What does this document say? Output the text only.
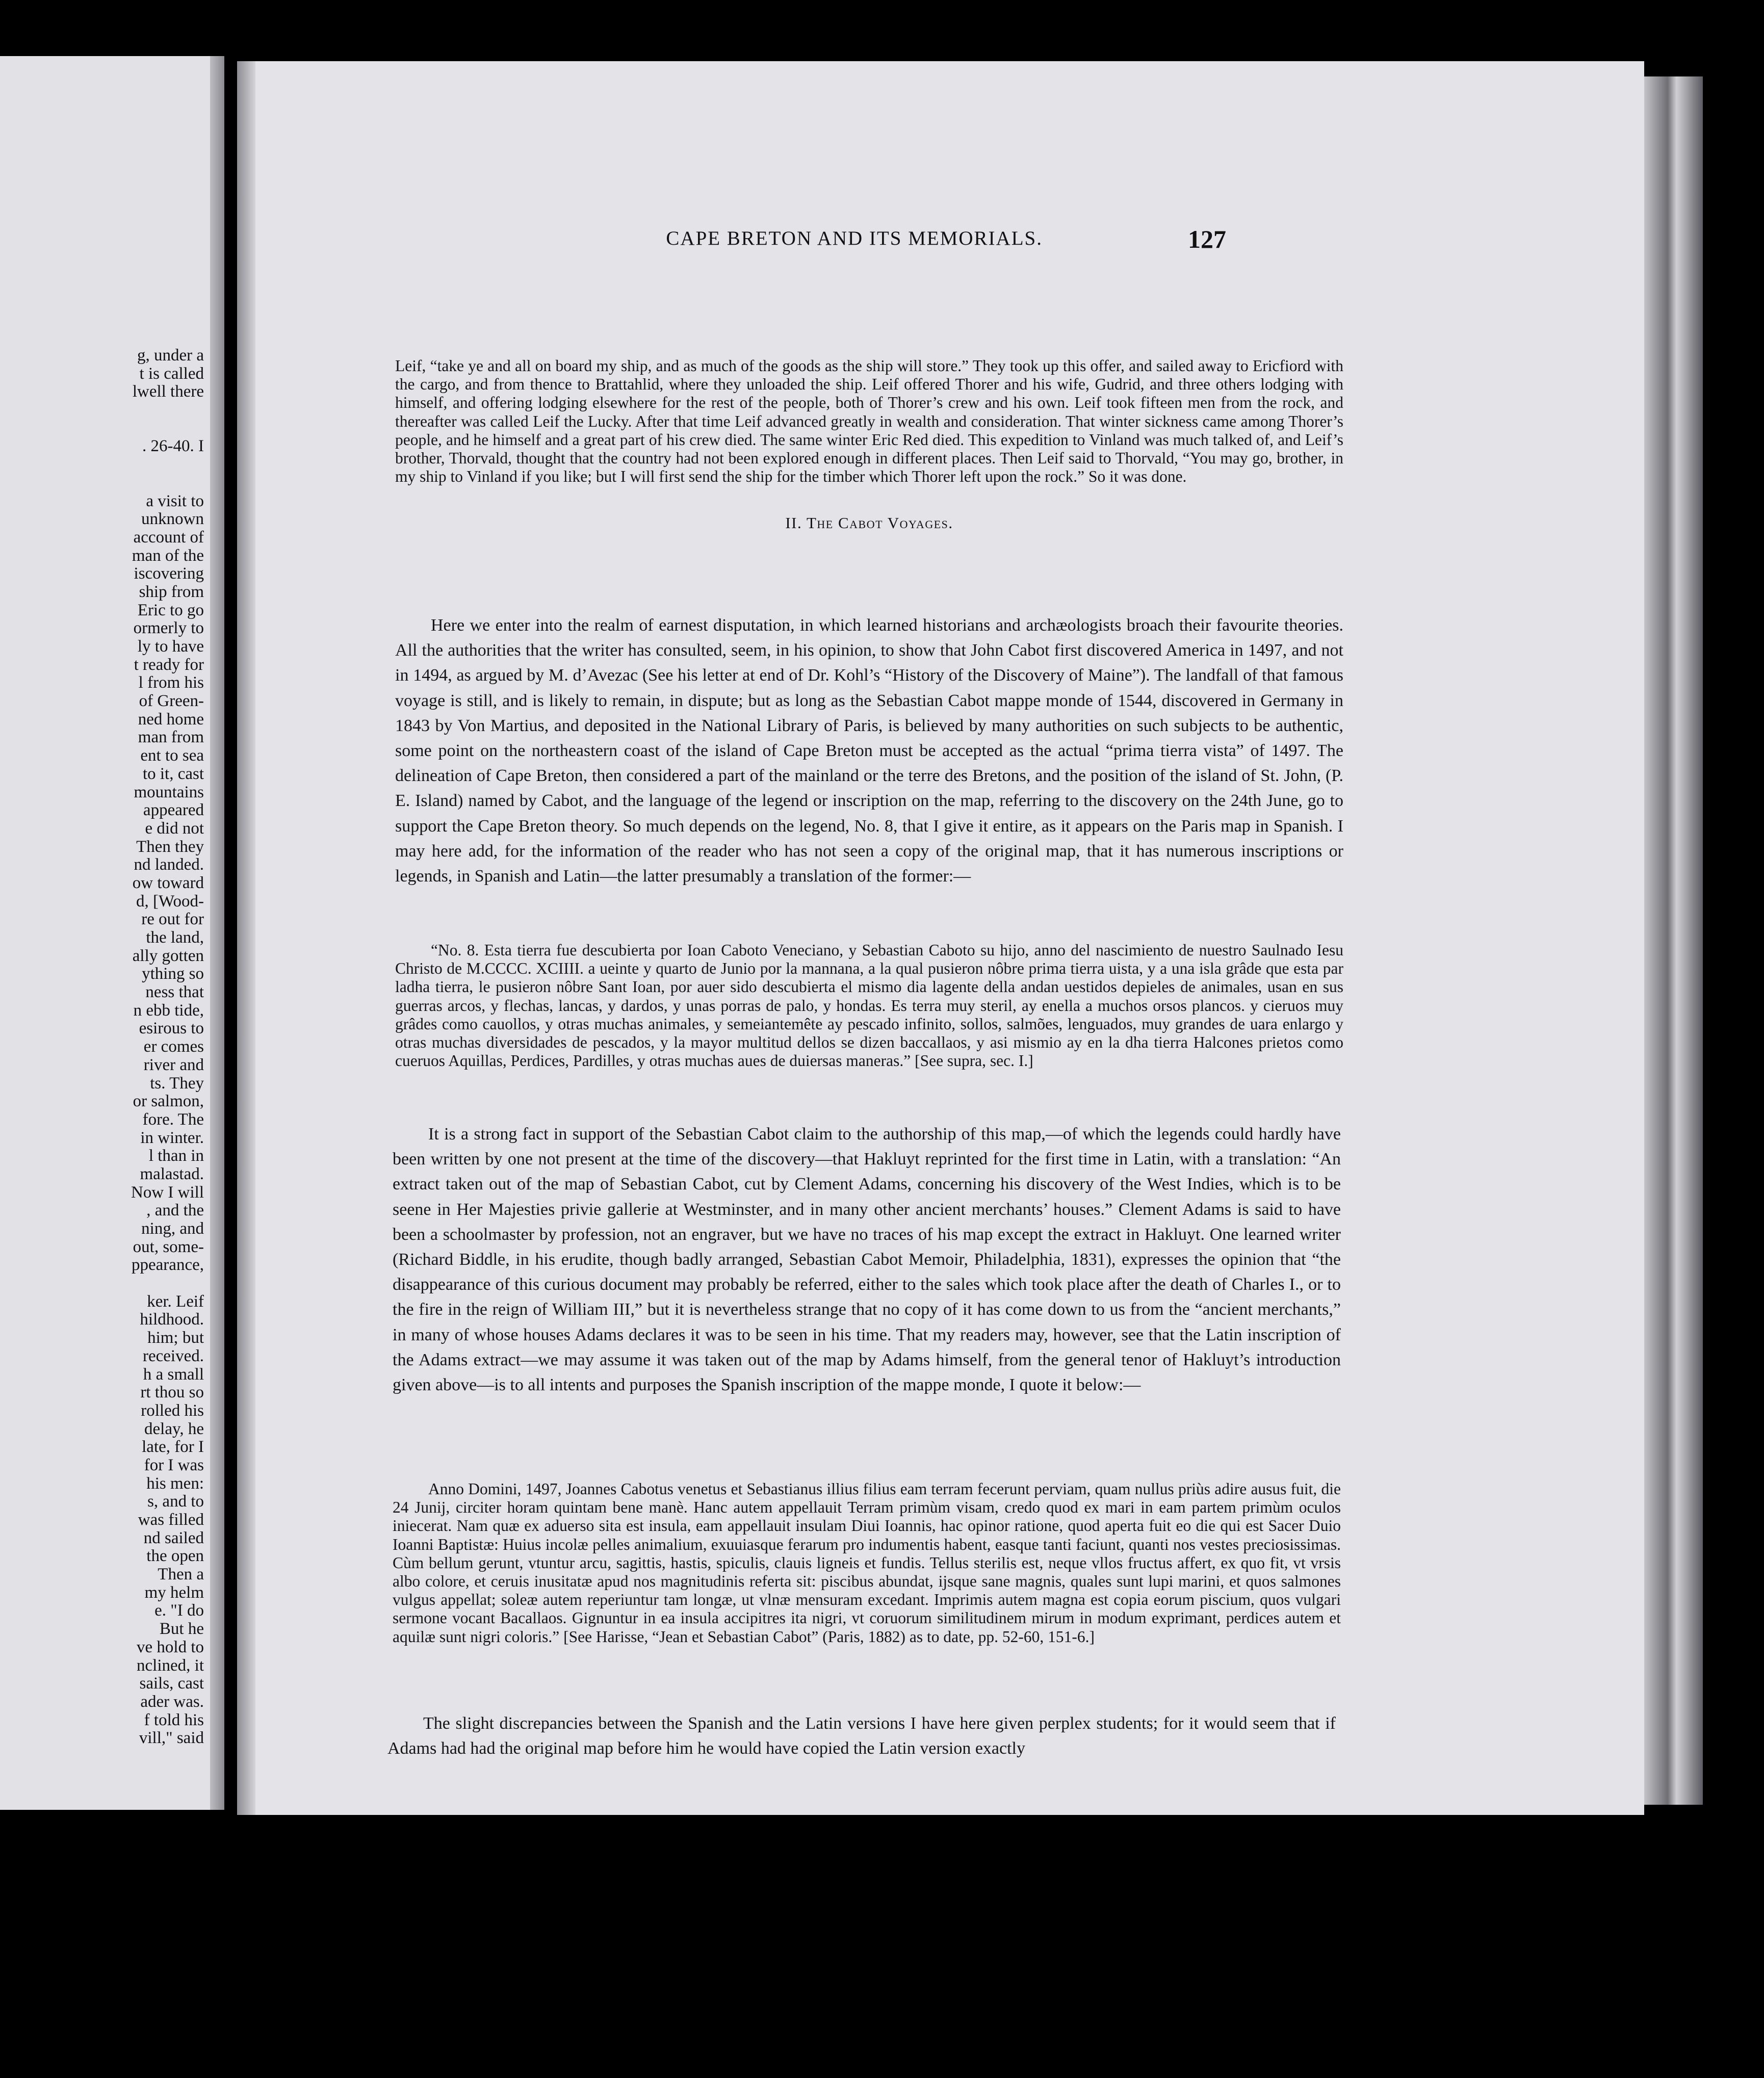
g, under a
t is called
lwell there
. 26-40. I
a visit to
unknown
account of
man of the
iscovering
ship from
Eric to go
ormerly to
ly to have
t ready for
l from his
of Green-
ned home
man from
ent to sea
to it, cast
mountains
appeared
e did not
Then they
nd landed.
ow toward
d, [Wood-
re out for
the land,
ally gotten
ything so
ness that
n ebb tide,
esirous to
er comes
river and
ts. They
or salmon,
fore. The
in winter.
l than in
malastad.
Now I will
, and the
ning, and
out, some-
ppearance,
ker. Leif
hildhood.
him; but
received.
h a small
rt thou so
rolled his
delay, he
late, for I
for I was
his men:
s, and to
was filled
nd sailed
the open
Then a
my helm
e. "I do
But he
ve hold to
nclined, it
sails, cast
ader was.
f told his
vill," said
CAPE BRETON AND ITS MEMORIALS.	127

Leif, “take ye and all on board my ship, and as much of the goods as the ship will store.” They took up this offer, and sailed away to Ericfiord with the cargo, and from thence to Brattahlid, where they unloaded the ship. Leif offered Thorer and his wife, Gudrid, and three others lodging with himself, and offering lodging elsewhere for the rest of the people, both of Thorer’s crew and his own. Leif took fifteen men from the rock, and thereafter was called Leif the Lucky. After that time Leif advanced greatly in wealth and consideration. That winter sickness came among Thorer’s people, and he himself and a great part of his crew died. The same winter Eric Red died. This expedition to Vinland was much talked of, and Leif’s brother, Thorvald, thought that the country had not been explored enough in different places. Then Leif said to Thorvald, “You may go, brother, in my ship to Vinland if you like; but I will first send the ship for the timber which Thorer left upon the rock.” So it was done.

II. The Cabot Voyages.

Here we enter into the realm of earnest disputation, in which learned historians and archæologists broach their favourite theories. All the authorities that the writer has consulted, seem, in his opinion, to show that John Cabot first discovered America in 1497, and not in 1494, as argued by M. d’Avezac (See his letter at end of Dr. Kohl’s “History of the Discovery of Maine”). The landfall of that famous voyage is still, and is likely to remain, in dispute; but as long as the Sebastian Cabot mappe monde of 1544, discovered in Germany in 1843 by Von Martius, and deposited in the National Library of Paris, is believed by many authorities on such subjects to be authentic, some point on the northeastern coast of the island of Cape Breton must be accepted as the actual “prima tierra vista” of 1497. The delineation of Cape Breton, then considered a part of the mainland or the terre des Bretons, and the position of the island of St. John, (P. E. Island) named by Cabot, and the language of the legend or inscription on the map, referring to the discovery on the 24th June, go to support the Cape Breton theory. So much depends on the legend, No. 8, that I give it entire, as it appears on the Paris map in Spanish. I may here add, for the information of the reader who has not seen a copy of the original map, that it has numerous inscriptions or legends, in Spanish and Latin—the latter presumably a translation of the former:—

“No. 8. Esta tierra fue descubierta por Ioan Caboto Veneciano, y Sebastian Caboto su hijo, anno del nascimiento de nuestro Saulnado Iesu Christo de M.CCCC. XCIIII. a ueinte y quarto de Junio por la mannana, a la qual pusieron nôbre prima tierra uista, y a una isla grâde que esta par ladha tierra, le pusieron nôbre Sant Ioan, por auer sido descubierta el mismo dia lagente della andan uestidos depieles de animales, usan en sus guerras arcos, y flechas, lancas, y dardos, y unas porras de palo, y hondas. Es terra muy steril, ay enella a muchos orsos plancos. y cieruos muy grâdes como cauollos, y otras muchas animales, y semeiantemête ay pescado infinito, sollos, salmões, lenguados, muy grandes de uara enlargo y otras muchas diversidades de pescados, y la mayor multitud dellos se dizen baccallaos, y asi mismio ay en la dha tierra Halcones prietos como cueruos Aquillas, Perdices, Pardilles, y otras muchas aues de duiersas maneras.” [See supra, sec. I.]

It is a strong fact in support of the Sebastian Cabot claim to the authorship of this map,—of which the legends could hardly have been written by one not present at the time of the discovery—that Hakluyt reprinted for the first time in Latin, with a translation: “An extract taken out of the map of Sebastian Cabot, cut by Clement Adams, concerning his discovery of the West Indies, which is to be seene in Her Majesties privie gallerie at Westminster, and in many other ancient merchants’ houses.” Clement Adams is said to have been a schoolmaster by profession, not an engraver, but we have no traces of his map except the extract in Hakluyt. One learned writer (Richard Biddle, in his erudite, though badly arranged, Sebastian Cabot Memoir, Philadelphia, 1831), expresses the opinion that “the disappearance of this curious document may probably be referred, either to the sales which took place after the death of Charles I., or to the fire in the reign of William III,” but it is nevertheless strange that no copy of it has come down to us from the “ancient merchants,” in many of whose houses Adams declares it was to be seen in his time. That my readers may, however, see that the Latin inscription of the Adams extract—we may assume it was taken out of the map by Adams himself, from the general tenor of Hakluyt’s introduction given above—is to all intents and purposes the Spanish inscription of the mappe monde, I quote it below:—

Anno Domini, 1497, Joannes Cabotus venetus et Sebastianus illius filius eam terram fecerunt perviam, quam nullus priùs adire ausus fuit, die 24 Junij, circiter horam quintam bene manè. Hanc autem appellauit Terram primùm visam, credo quod ex mari in eam partem primùm oculos iniecerat. Nam quæ ex aduerso sita est insula, eam appellauit insulam Diui Ioannis, hac opinor ratione, quod aperta fuit eo die qui est Sacer Duio Ioanni Baptistæ: Huius incolæ pelles animalium, exuuiasque ferarum pro indumentis habent, easque tanti faciunt, quanti nos vestes preciosissimas. Cùm bellum gerunt, vtuntur arcu, sagittis, hastis, spiculis, clauis ligneis et fundis. Tellus sterilis est, neque vllos fructus affert, ex quo fit, vt vrsis albo colore, et ceruis inusitatæ apud nos magnitudinis referta sit: piscibus abundat, ijsque sane magnis, quales sunt lupi marini, et quos salmones vulgus appellat; soleæ autem reperiuntur tam longæ, ut vlnæ mensuram excedant. Imprimis autem magna est copia eorum piscium, quos vulgari sermone vocant Bacallaos. Gignuntur in ea insula accipitres ita nigri, vt coruorum similitudinem mirum in modum exprimant, perdices autem et aquilæ sunt nigri coloris.” [See Harisse, “Jean et Sebastian Cabot” (Paris, 1882) as to date, pp. 52-60, 151-6.]

The slight discrepancies between the Spanish and the Latin versions I have here given perplex students; for it would seem that if Adams had had the original map before him he would have copied the Latin version exactly
